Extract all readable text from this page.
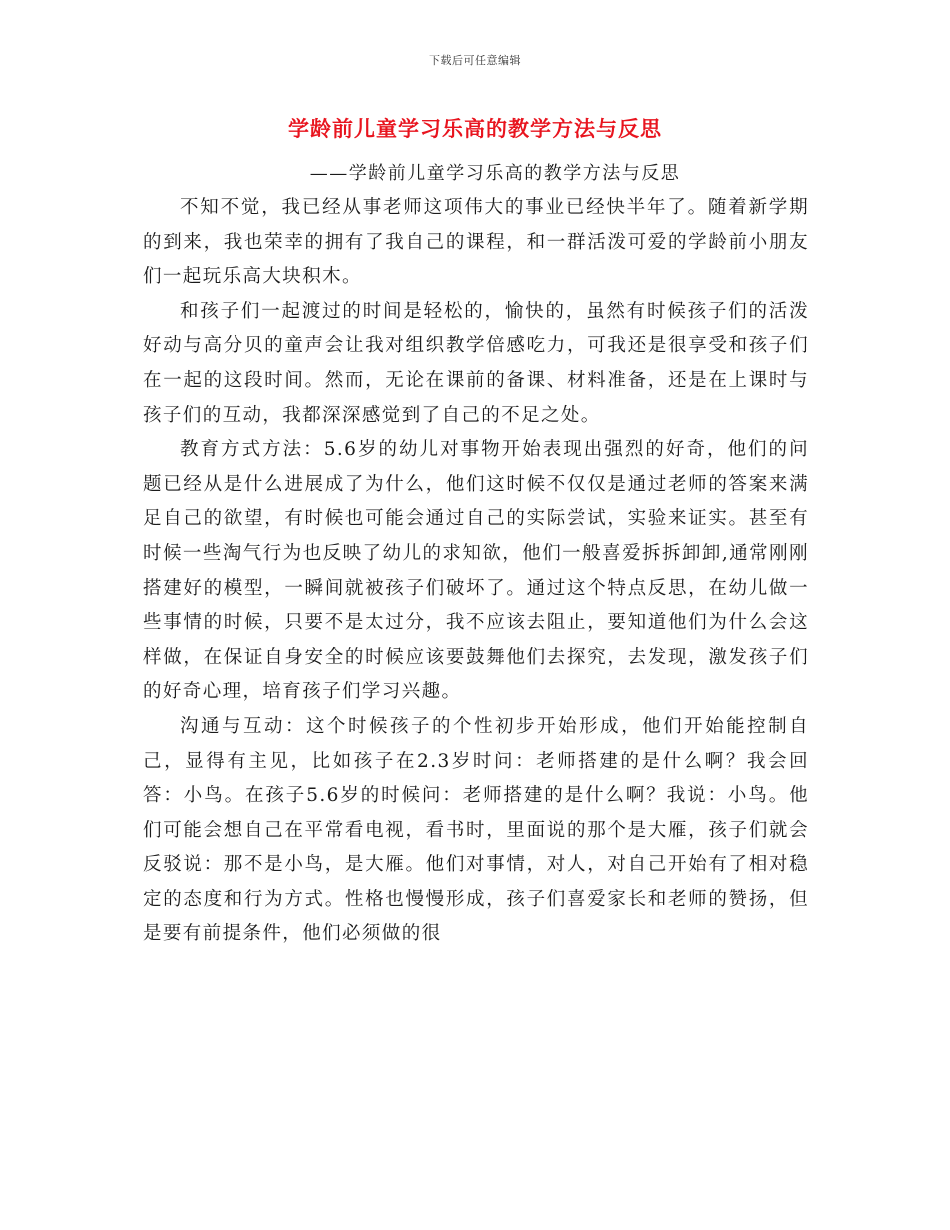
下载后可任意编辑
学龄前儿童学习乐高的教学方法与反思
——学龄前儿童学习乐高的教学方法与反思

不知不觉，我已经从事老师这项伟大的事业已经快半年了。随着新学期的到来，我也荣幸的拥有了我自己的课程，和一群活泼可爱的学龄前小朋友们一起玩乐高大块积木。

和孩子们一起渡过的时间是轻松的，愉快的，虽然有时候孩子们的活泼好动与高分贝的童声会让我对组织教学倍感吃力，可我还是很享受和孩子们在一起的这段时间。然而，无论在课前的备课、材料准备，还是在上课时与孩子们的互动，我都深深感觉到了自己的不足之处。

教育方式方法：5.6岁的幼儿对事物开始表现出强烈的好奇，他们的问题已经从是什么进展成了为什么，他们这时候不仅仅是通过老师的答案来满足自己的欲望，有时候也可能会通过自己的实际尝试，实验来证实。甚至有时候一些淘气行为也反映了幼儿的求知欲，他们一般喜爱拆拆卸卸,通常刚刚搭建好的模型，一瞬间就被孩子们破坏了。通过这个特点反思，在幼儿做一些事情的时候，只要不是太过分，我不应该去阻止，要知道他们为什么会这样做，在保证自身安全的时候应该要鼓舞他们去探究，去发现，激发孩子们的好奇心理，培育孩子们学习兴趣。

沟通与互动：这个时候孩子的个性初步开始形成，他们开始能控制自己，显得有主见，比如孩子在2.3岁时问：老师搭建的是什么啊？我会回答：小鸟。在孩子5.6岁的时候问：老师搭建的是什么啊？我说：小鸟。他们可能会想自己在平常看电视，看书时，里面说的那个是大雁，孩子们就会反驳说：那不是小鸟，是大雁。他们对事情，对人，对自己开始有了相对稳定的态度和行为方式。性格也慢慢形成，孩子们喜爱家长和老师的赞扬，但是要有前提条件，他们必须做的很
